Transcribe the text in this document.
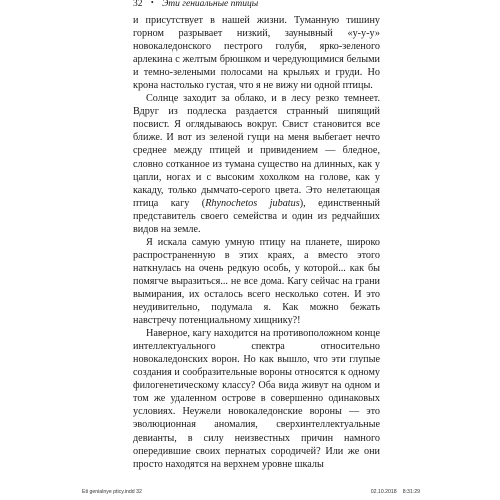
32 • Эти гениальные птицы

и присутствует в нашей жизни. Туманную тишину горном разрывает низкий, заунывный «у-у-у» новокаледонского пестрого голубя, ярко-зеленого арлекина с желтым брюшком и чередующимися белыми и темно-зелеными полосами на крыльях и груди. Но крона настолько густая, что я не вижу ни одной птицы.

Солнце заходит за облако, и в лесу резко темнеет. Вдруг из подлеска раздается странный шипящий посвист. Я оглядываюсь вокруг. Свист становится все ближе. И вот из зеленой гущи на меня выбегает нечто среднее между птицей и привидением — бледное, словно сотканное из тумана существо на длинных, как у цапли, ногах и с высоким хохолком на голове, как у какаду, только дымчато-серого цвета. Это нелетающая птица кагу (Rhynochetos jubatus), единственный представитель своего семейства и один из редчайших видов на земле.

Я искала самую умную птицу на планете, широко распространенную в этих краях, а вместо этого наткнулась на очень редкую особь, у которой... как бы помягче выразиться... не все дома. Кагу сейчас на грани вымирания, их осталось всего несколько сотен. И это неудивительно, подумала я. Как можно бежать навстречу потенциальному хищнику?!

Наверное, кагу находится на противоположном конце интеллектуального спектра относительно новокаледонских ворон. Но как вышло, что эти глупые создания и сообразительные вороны относятся к одному филогенетическому классу? Оба вида живут на одном и том же удаленном острове в совершенно одинаковых условиях. Неужели новокаледонские вороны — это эволюционная аномалия, сверхинтеллектуальные девианты, в силу неизвестных причин намного опередившие своих пернатых сородичей? Или же они просто находятся на верхнем уровне шкалы

Eti genialnye pticy.indd 32	02.10.2018 8:31:29
